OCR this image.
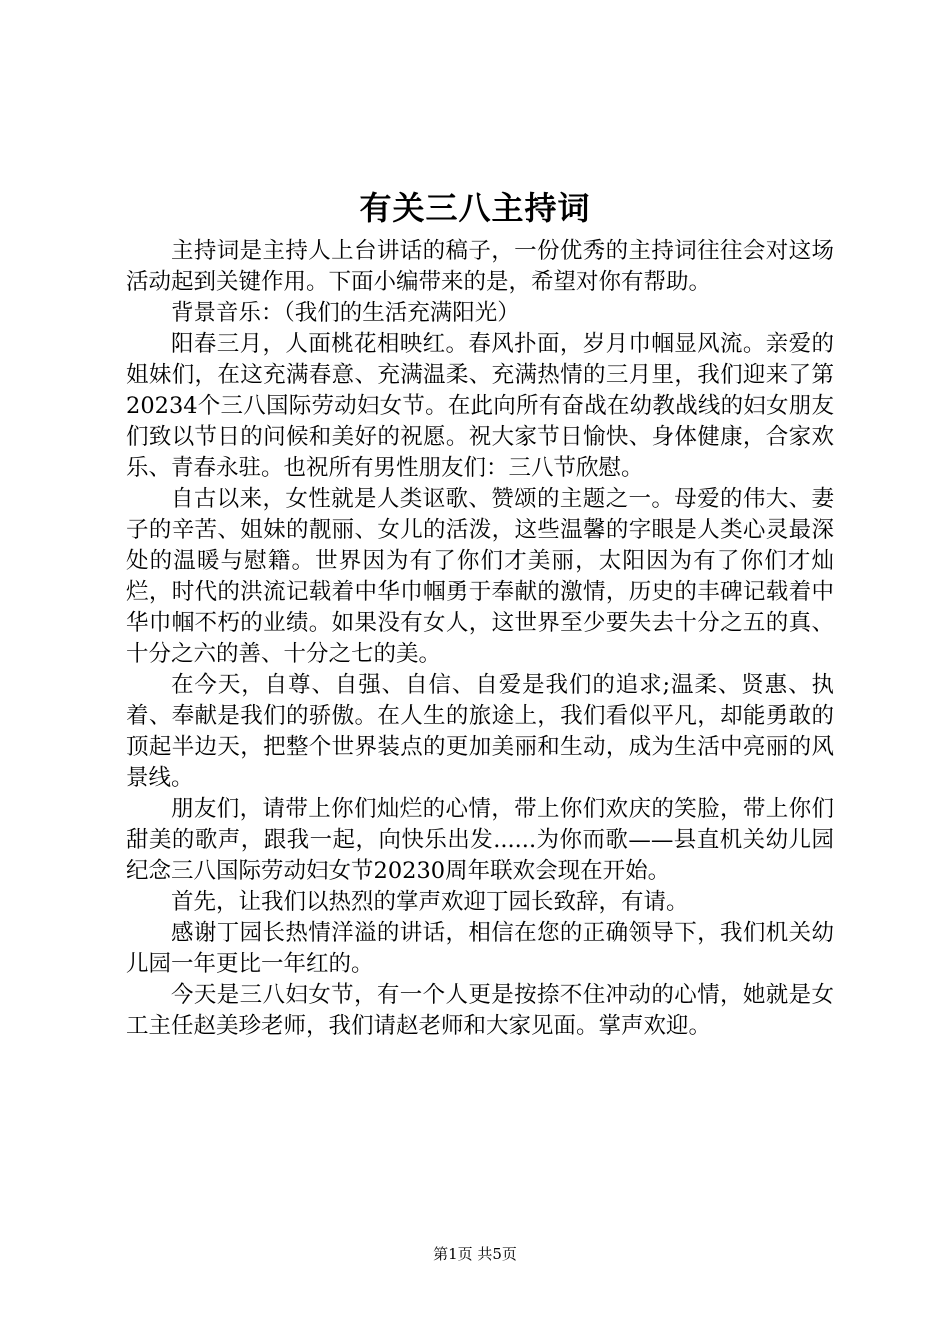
有关三八主持词

主持词是主持人上台讲话的稿子，一份优秀的主持词往往会对这场活动起到关键作用。下面小编带来的是，希望对你有帮助。

背景音乐：（我们的生活充满阳光）

阳春三月，人面桃花相映红。春风扑面，岁月巾帼显风流。亲爱的姐妹们，在这充满春意、充满温柔、充满热情的三月里，我们迎来了第20234个三八国际劳动妇女节。在此向所有奋战在幼教战线的妇女朋友们致以节日的问候和美好的祝愿。祝大家节日愉快、身体健康，合家欢乐、青春永驻。也祝所有男性朋友们：三八节欣慰。

自古以来，女性就是人类讴歌、赞颂的主题之一。母爱的伟大、妻子的辛苦、姐妹的靓丽、女儿的活泼，这些温馨的字眼是人类心灵最深处的温暖与慰籍。世界因为有了你们才美丽，太阳因为有了你们才灿烂，时代的洪流记载着中华巾帼勇于奉献的激情，历史的丰碑记载着中华巾帼不朽的业绩。如果没有女人，这世界至少要失去十分之五的真、十分之六的善、十分之七的美。

在今天，自尊、自强、自信、自爱是我们的追求;温柔、贤惠、执着、奉献是我们的骄傲。在人生的旅途上，我们看似平凡，却能勇敢的顶起半边天，把整个世界装点的更加美丽和生动，成为生活中亮丽的风景线。

朋友们，请带上你们灿烂的心情，带上你们欢庆的笑脸，带上你们甜美的歌声，跟我一起，向快乐出发......为你而歌——县直机关幼儿园纪念三八国际劳动妇女节20230周年联欢会现在开始。

首先，让我们以热烈的掌声欢迎丁园长致辞，有请。

感谢丁园长热情洋溢的讲话，相信在您的正确领导下，我们机关幼儿园一年更比一年红的。

今天是三八妇女节，有一个人更是按捺不住冲动的心情，她就是女工主任赵美珍老师，我们请赵老师和大家见面。掌声欢迎。

第1页 共5页
